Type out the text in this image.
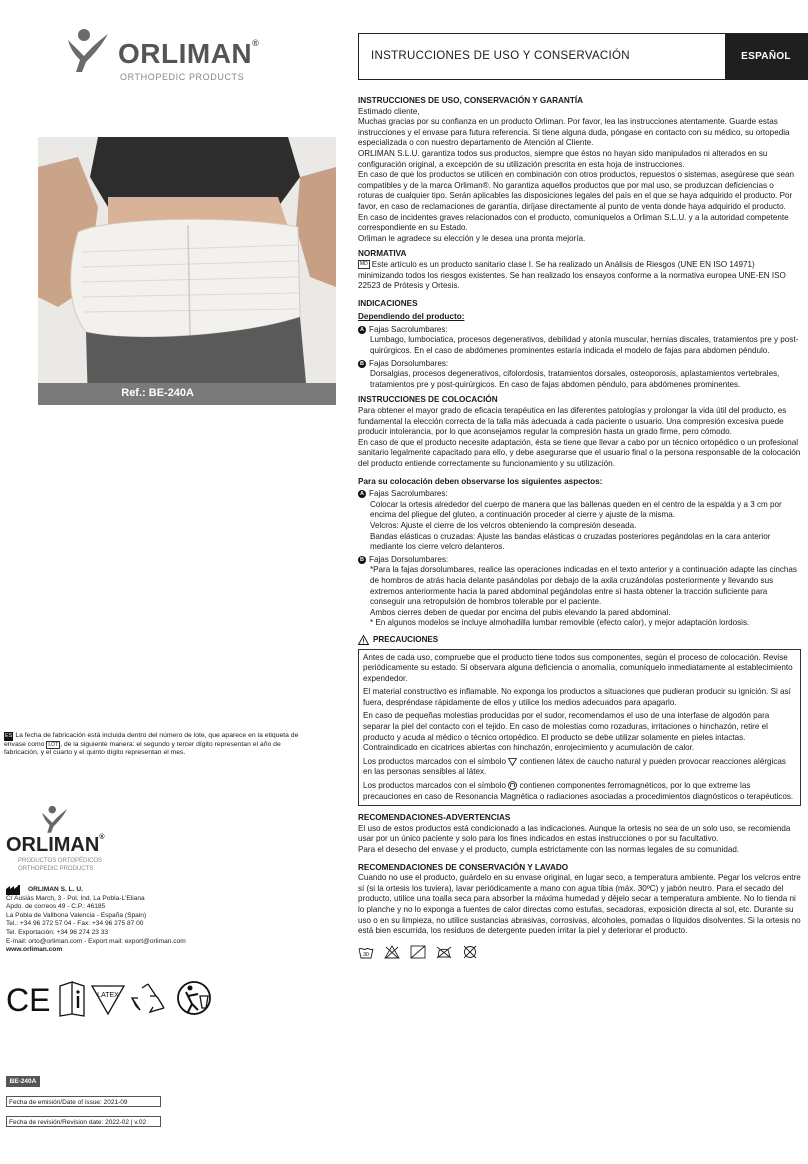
ORLIMAN®
ORTHOPEDIC PRODUCTS
Ref.: BE-240A
INSTRUCCIONES DE USO Y CONSERVACIÓN	ESPAÑOL

INSTRUCCIONES DE USO, CONSERVACIÓN Y GARANTÍA

Estimado cliente,

Muchas gracias por su confianza en un producto Orliman. Por favor, lea las instrucciones atentamente. Guarde estas instrucciones y el envase para futura referencia. Si tiene alguna duda, póngase en contacto con su médico, su ortopedia especializada o con nuestro departamento de Atención al Cliente.

ORLIMAN S.L.U. garantiza todos sus productos, siempre que éstos no hayan sido manipulados ni alterados en su configuración original, a excepción de su utilización prescrita en esta hoja de instrucciones.

En caso de que los productos se utilicen en combinación con otros productos, repuestos o sistemas, asegúrese que sean compatibles y de la marca Orliman®. No garantiza aquellos productos que por mal uso, se produzcan deficiencias o roturas de cualquier tipo. Serán aplicables las disposiciones legales del país en el que se haya adquirido el producto. Por favor, en caso de reclamaciones de garantía, diríjase directamente al punto de venta donde haya adquirido el producto.

En caso de incidentes graves relacionados con el producto, comuníquelos a Orliman S.L.U. y a la autoridad competente correspondiente en su Estado.

Orliman le agradece su elección y le desea una pronta mejoría.

NORMATIVA

MD Este artículo es un producto sanitario clase I. Se ha realizado un Análisis de Riesgos (UNE EN ISO 14971) minimizando todos los riesgos existentes. Se han realizado los ensayos conforme a la normativa europea UNE-EN ISO 22523 de Prótesis y Ortesis.

INDICACIONES

Dependiendo del producto:

A Fajas Sacrolumbares:

Lumbago, lumbociatica, procesos degenerativos, debilidad y atonía muscular, hernias discales, tratamientos pre y post-quirúrgicos. En el caso de abdómenes prominentes estaría indicada el modelo de fajas para abdomen péndulo.

B Fajas Dorsolumbares:

Dorsalgias, procesos degenerativos, cifolordosis, tratamientos dorsales, osteoporosis, aplastamientos vertebrales, tratamientos pre y post-quirúrgicos. En caso de fajas abdomen péndulo, para abdómenes prominentes.

INSTRUCCIONES DE COLOCACIÓN

Para obtener el mayor grado de eficacia terapéutica en las diferentes patologías y prolongar la vida útil del producto, es fundamental la elección correcta de la talla más adecuada a cada paciente o usuario. Una compresión excesiva puede producir intolerancia, por lo que aconsejamos regular la compresión hasta un grado firme, pero cómodo.

En caso de que el producto necesite adaptación, ésta se tiene que llevar a cabo por un técnico ortopédico o un profesional sanitario legalmente capacitado para ello, y debe asegurarse que el usuario final o la persona responsable de la colocación del producto entiende correctamente su funcionamiento y su utilización.

Para su colocación deben observarse los siguientes aspectos:

A Fajas Sacrolumbares:

Colocar la ortesis alrededor del cuerpo de manera que las ballenas queden en el centro de la espalda y a 3 cm por encima del pliegue del gluteo, a continuación proceder al cierre y ajuste de la misma.

Velcros: Ajuste el cierre de los velcros obteniendo la compresión deseada.

Bandas elásticas o cruzadas: Ajuste las bandas elásticas o cruzadas posteriores pegándolas en la cara anterior mediante los cierre velcro delanteros.

B Fajas Dorsolumbares:

*Para la fajas dorsolumbares, realice las operaciones indicadas en el texto anterior y a continuación adapte las cinchas de hombros de atrás hacia delante pasándolas por debajo de la axila cruzándolas posteriormente y llevando sus extremos anteriormente hacia la pared abdominal pegándolas entre sí hasta obtener la tracción suficiente para conseguir una retropulsión de hombros tolerable por el paciente.

Ambos cierres deben de quedar por encima del pubis elevando la pared abdominal.

* En algunos modelos se incluye almohadilla lumbar removible (efecto calor), y mejor adaptación lordosis.

PRECAUCIONES

Antes de cada uso, compruebe que el producto tiene todos sus componentes, según el proceso de colocación. Revise periódicamente su estado. Si observara alguna deficiencia o anomalía, comuníquelo inmediatamente al establecimiento expendedor.

El material constructivo es inflamable. No exponga los productos a situaciones que pudieran producir su ignición. Si así fuera, despréndase rápidamente de ellos y utilice los medios adecuados para apagarlo.

En caso de pequeñas molestias producidas por el sudor, recomendamos el uso de una interfase de algodón para separar la piel del contacto con el tejido. En caso de molestias como rozaduras, irritaciones o hinchazón, retire el producto y acuda al médico o técnico ortopédico. El producto se debe utilizar solamente en pieles intactas. Contraindicado en cicatrices abiertas con hinchazón, enrojecimiento y acumulación de calor.

Los productos marcados con el símbolo contienen látex de caucho natural y pueden provocar reacciones alérgicas en las personas sensibles al látex.

Los productos marcados con el símbolo contienen componentes ferromagnéticos, por lo que extreme las precauciones en caso de Resonancia Magnética o radiaciones asociadas a procedimientos diagnósticos o terapéuticos.

RECOMENDACIONES-ADVERTENCIAS

El uso de estos productos está condicionado a las indicaciones. Aunque la ortesis no sea de un solo uso, se recomienda usar por un único paciente y solo para los fines indicados en estas instrucciones o por su facultativo.

Para el desecho del envase y el producto, cumpla estrictamente con las normas legales de su comunidad.

RECOMENDACIONES DE CONSERVACIÓN Y LAVADO

Cuando no use el producto, guárdelo en su envase original, en lugar seco, a temperatura ambiente. Pegar los velcros entre sí (si la ortesis los tuviera), lavar periódicamente a mano con agua tibia (máx. 30ºC) y jabón neutro. Para el secado del producto, utilice una toalla seca para absorber la máxima humedad y déjelo secar a temperatura ambiente. No lo tienda ni lo planche y no lo exponga a fuentes de calor directas como estufas, secadoras, exposición directa al sol, etc. Durante su uso o en su limpieza, no utilice sustancias abrasivas, corrosivas, alcoholes, pomadas o líquidos disolventes. Si la ortesis no está bien escurrida, los residuos de detergente pueden irritar la piel y deteriorar el producto.

30
ES La fecha de fabricación está incluida dentro del número de lote, que aparece en la etiqueta de envase como LOT , de la siguiente manera: el segundo y tercer dígito representan el año de fabricación, y el cuarto y el quinto dígito representan el mes.
ORLIMAN®
PRODUCTOS ORTOPÉDICOS
ORTHOPEDIC PRODUCTS
ORLIMAN S. L. U.
C/ Ausiàs March, 3 - Pol. Ind. La Pobla-L'Eliana
Apdo. de correos 49 - C.P.: 46185
La Pobla de Vallbona Valencia - España (Spain)
Tel.: +34 96 272 57 04 - Fax: +34 96 275 87 00
Tel. Exportación: +34 96 274 23 33
E-mail: orto@orliman.com - Export mail: export@orliman.com
www.orliman.com
CE	LATEX
BE-240A
Fecha de emisión/Date of issue: 2021-09
Fecha de revisión/Revision date: 2022-02 | v.02
